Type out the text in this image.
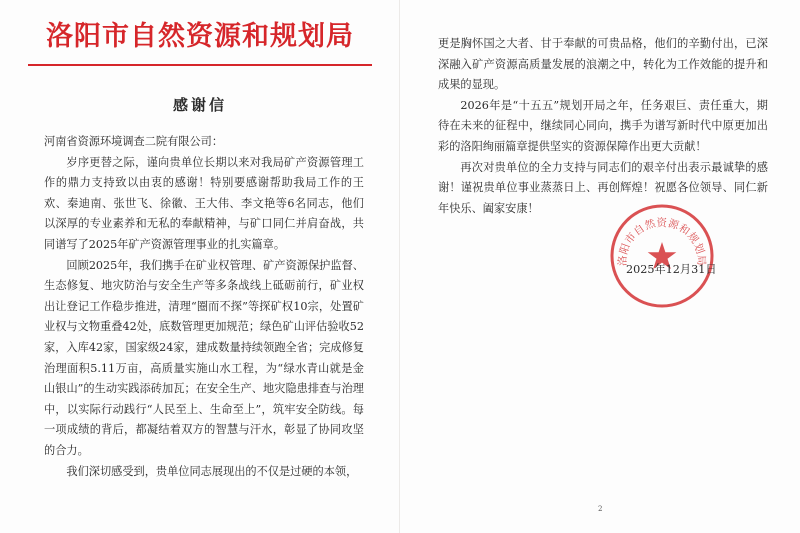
洛阳市自然资源和规划局
感谢信

河南省资源环境调查二院有限公司：

岁序更替之际，谨向贵单位长期以来对我局矿产资源管理工作的鼎力支持致以由衷的感谢！特别要感谢帮助我局工作的王欢、秦迪南、张世飞、徐徽、王大伟、李文艳等6名同志，他们以深厚的专业素养和无私的奉献精神，与矿口同仁并肩奋战，共同谱写了2025年矿产资源管理事业的扎实篇章。

回顾2025年，我们携手在矿业权管理、矿产资源保护监督、生态修复、地灾防治与安全生产等多条战线上砥砺前行，矿业权出让登记工作稳步推进，清理“圈而不探”等探矿权10宗，处置矿业权与文物重叠42处，底数管理更加规范；绿色矿山评估验收52家，入库42家，国家级24家，建成数量持续领跑全省；完成修复治理面积5.11万亩，高质量实施山水工程，为“绿水青山就是金山银山”的生动实践添砖加瓦；在安全生产、地灾隐患排查与治理中，以实际行动践行“人民至上、生命至上”，筑牢安全防线。每一项成绩的背后，都凝结着双方的智慧与汗水，彰显了协同攻坚的合力。

我们深切感受到，贵单位同志展现出的不仅是过硬的本领，

更是胸怀国之大者、甘于奉献的可贵品格，他们的辛勤付出，已深深融入矿产资源高质量发展的浪潮之中，转化为工作效能的提升和成果的显现。

2026年是“十五五”规划开局之年，任务艰巨、责任重大，期待在未来的征程中，继续同心同向，携手为谱写新时代中原更加出彩的洛阳绚丽篇章提供坚实的资源保障作出更大贡献！

再次对贵单位的全力支持与同志们的艰辛付出表示最诚挚的感谢！谨祝贵单位事业蒸蒸日上、再创辉煌！祝愿各位领导、同仁新年快乐、阖家安康！

洛阳市自然资源和规划局

2025年12月31日

2
